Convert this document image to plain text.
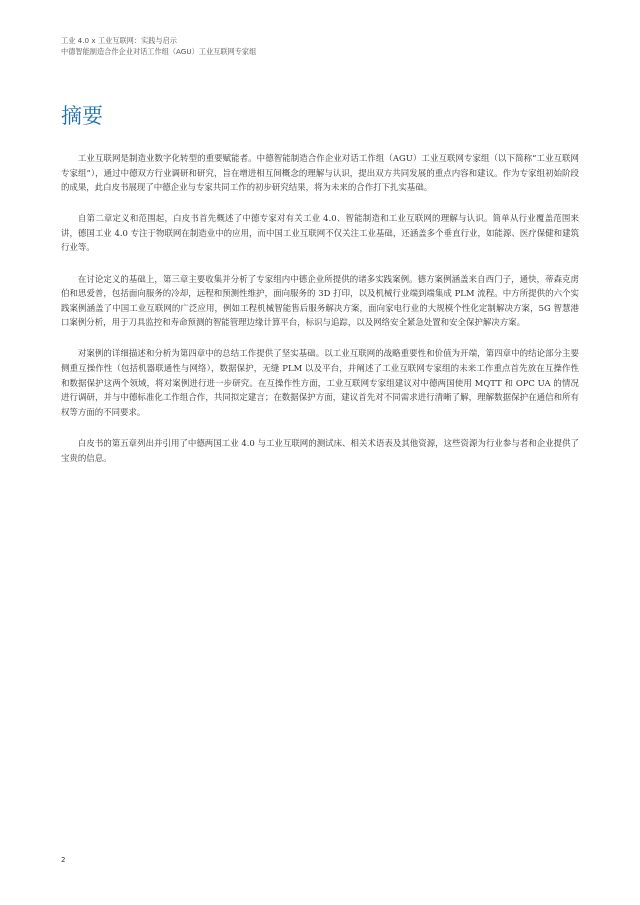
工业 4.0 x 工业互联网：实践与启示
中德智能制造合作企业对话工作组（AGU）工业互联网专家组
摘要

工业互联网是制造业数字化转型的重要赋能者。中德智能制造合作企业对话工作组（AGU）工业互联网专家组（以下简称“工业互联网专家组”），通过中德双方行业调研和研究，旨在增进相互间概念的理解与认识，提出双方共同发展的重点内容和建议。作为专家组初始阶段的成果，此白皮书展现了中德企业与专家共同工作的初步研究结果，将为未来的合作打下扎实基础。

自第二章定义和范围起，白皮书首先概述了中德专家对有关工业 4.0、智能制造和工业互联网的理解与认识。简单从行业覆盖范围来讲，德国工业 4.0 专注于物联网在制造业中的应用，而中国工业互联网不仅关注工业基础，还涵盖多个垂直行业，如能源、医疗保健和建筑行业等。

在讨论定义的基础上，第三章主要收集并分析了专家组内中德企业所提供的诸多实践案例。德方案例涵盖来自西门子，通快，蒂森克虏伯和思爱普，包括面向服务的冷却，远程和预测性维护，面向服务的 3D 打印，以及机械行业端到端集成 PLM 流程。中方所提供的六个实践案例涵盖了中国工业互联网的广泛应用，例如工程机械智能售后服务解决方案，面向家电行业的大规模个性化定制解决方案，5G 智慧港口案例分析，用于刀具监控和寿命预测的智能管理边缘计算平台，标识与追踪，以及网络安全紧急处置和安全保护解决方案。

对案例的详细描述和分析为第四章中的总结工作提供了坚实基础。以工业互联网的战略重要性和价值为开端，第四章中的结论部分主要侧重互操作性（包括机器联通性与网络），数据保护，无缝 PLM 以及平台，并阐述了工业互联网专家组的未来工作重点首先放在互操作性和数据保护这两个领域，将对案例进行进一步研究。在互操作性方面，工业互联网专家组建议对中德两国使用 MQTT 和 OPC UA 的情况进行调研，并与中德标准化工作组合作，共同拟定建言；在数据保护方面，建议首先对不同需求进行清晰了解，理解数据保护在通信和所有权等方面的不同要求。

白皮书的第五章列出并引用了中德两国工业 4.0 与工业互联网的测试床、相关术语表及其他资源，这些资源为行业参与者和企业提供了宝贵的信息。

2
